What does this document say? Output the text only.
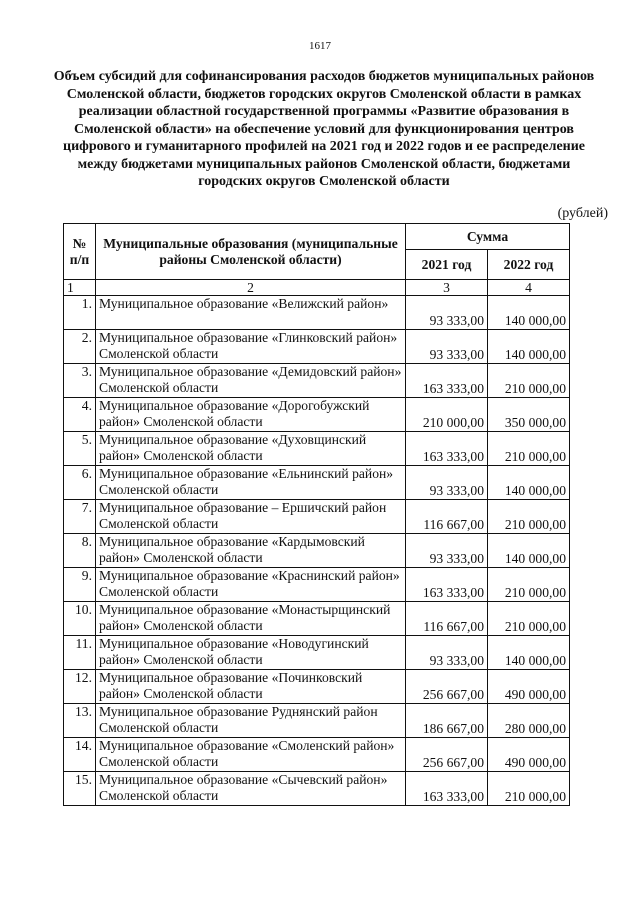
1617
Объем субсидий для софинансирования расходов бюджетов муниципальных районов Смоленской области, бюджетов городских округов Смоленской области в рамках реализации областной государственной программы «Развитие образования в Смоленской области» на обеспечение условий для функционирования центров цифрового и гуманитарного профилей на 2021 год и 2022 годов и ее распределение между бюджетами муниципальных районов Смоленской области, бюджетами городских округов Смоленской области
(рублей)
№ п/п	Муниципальные образования (муниципальные районы Смоленской области)	Сумма	
		2021 год	2022 год
1	2	3	4
1.	Муниципальное образование «Велижский район»	93 333,00	140 000,00
2.	Муниципальное образование «Глинковский район» Смоленской области	93 333,00	140 000,00
3.	Муниципальное образование «Демидовский район» Смоленской области	163 333,00	210 000,00
4.	Муниципальное образование «Дорогобужский район» Смоленской области	210 000,00	350 000,00
5.	Муниципальное образование «Духовщинский район» Смоленской области	163 333,00	210 000,00
6.	Муниципальное образование «Ельнинский район» Смоленской области	93 333,00	140 000,00
7.	Муниципальное образование – Ершичский район Смоленской области	116 667,00	210 000,00
8.	Муниципальное образование «Кардымовский район» Смоленской области	93 333,00	140 000,00
9.	Муниципальное образование «Краснинский район» Смоленской области	163 333,00	210 000,00
10.	Муниципальное образование «Монастырщинский район» Смоленской области	116 667,00	210 000,00
11.	Муниципальное образование «Новодугинский район» Смоленской области	93 333,00	140 000,00
12.	Муниципальное образование «Починковский район» Смоленской области	256 667,00	490 000,00
13.	Муниципальное образование Руднянский район Смоленской области	186 667,00	280 000,00
14.	Муниципальное образование «Смоленский район» Смоленской области	256 667,00	490 000,00
15.	Муниципальное образование «Сычевский район» Смоленской области	163 333,00	210 000,00
